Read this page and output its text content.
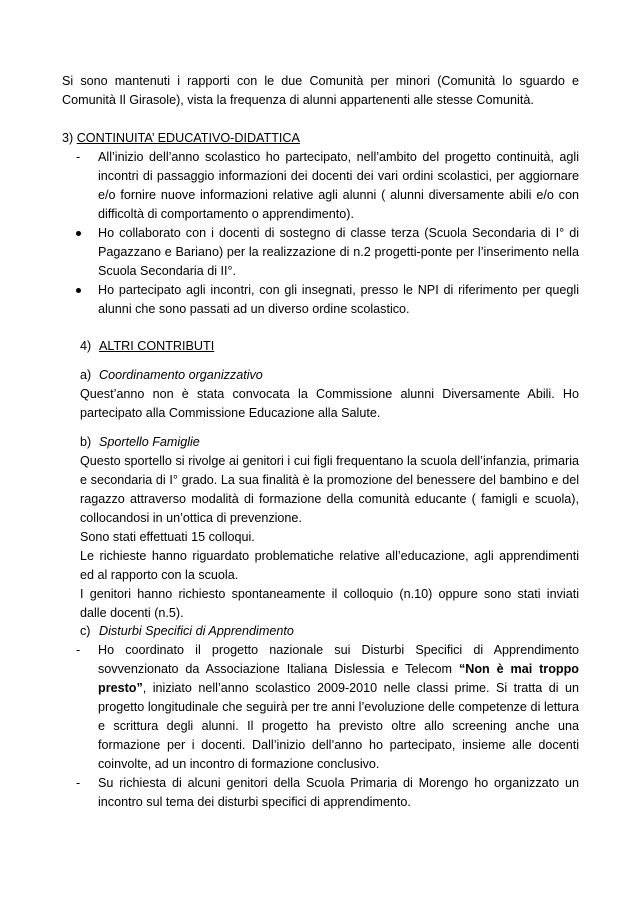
Si sono mantenuti i rapporti con le due Comunità per minori (Comunità lo sguardo e Comunità Il Girasole), vista la frequenza di alunni appartenenti alle stesse Comunità.

3) CONTINUITA’ EDUCATIVO-DIDATTICA
- All’inizio dell’anno scolastico ho partecipato, nell’ambito del progetto continuità, agli incontri di passaggio informazioni dei docenti dei vari ordini scolastici, per aggiornare e/o fornire nuove informazioni relative agli alunni ( alunni diversamente abili e/o con difficoltà di comportamento o apprendimento).
Ho collaborato con i docenti di sostegno di classe terza (Scuola Secondaria di I° di Pagazzano e Bariano) per la realizzazione di n.2 progetti-ponte per l’inserimento nella Scuola Secondaria di II°.
Ho partecipato agli incontri, con gli insegnati, presso le NPI di riferimento per quegli alunni che sono passati ad un diverso ordine scolastico.
4) ALTRI CONTRIBUTI
a) Coordinamento organizzativo

Quest’anno non è stata convocata la Commissione alunni Diversamente Abili. Ho partecipato alla Commissione Educazione alla Salute.

b) Sportello Famiglie

Questo sportello si rivolge ai genitori i cui figli frequentano la scuola dell’infanzia, primaria e secondaria di I° grado. La sua finalità è la promozione del benessere del bambino e del ragazzo attraverso modalità di formazione della comunità educante ( famigli e scuola), collocandosi in un’ottica di prevenzione.

Sono stati effettuati 15 colloqui.

Le richieste hanno riguardato problematiche relative all’educazione, agli apprendimenti ed al rapporto con la scuola.

I genitori hanno richiesto spontaneamente il colloquio (n.10) oppure sono stati inviati dalle docenti (n.5).

c) Disturbi Specifici di Apprendimento
- Ho coordinato il progetto nazionale sui Disturbi Specifici di Apprendimento sovvenzionato da Associazione Italiana Dislessia e Telecom “Non è mai troppo presto”, iniziato nell’anno scolastico 2009-2010 nelle classi prime. Si tratta di un progetto longitudinale che seguirà per tre anni l’evoluzione delle competenze di lettura e scrittura degli alunni. Il progetto ha previsto oltre allo screening anche una formazione per i docenti. Dall’inizio dell’anno ho partecipato, insieme alle docenti coinvolte, ad un incontro di formazione conclusivo.
- Su richiesta di alcuni genitori della Scuola Primaria di Morengo ho organizzato un incontro sul tema dei disturbi specifici di apprendimento.
